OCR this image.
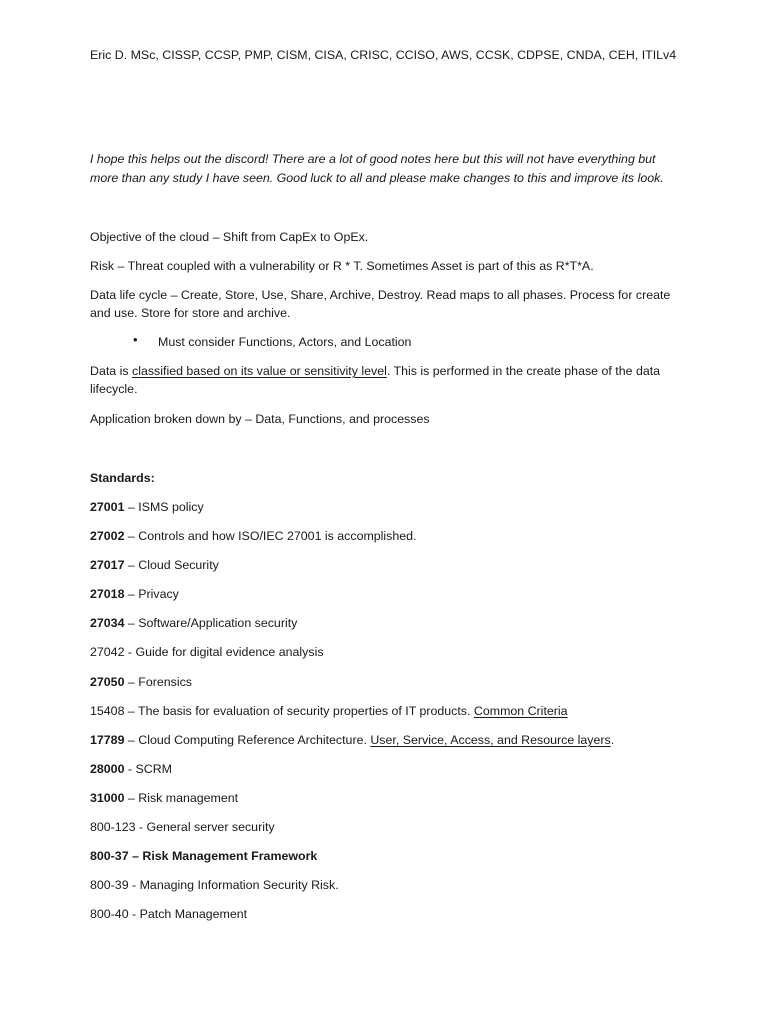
Eric D. MSc, CISSP, CCSP, PMP, CISM, CISA, CRISC, CCISO, AWS, CCSK, CDPSE, CNDA, CEH, ITILv4
I hope this helps out the discord! There are a lot of good notes here but this will not have everything but
more than any study I have seen. Good luck to all and please make changes to this and improve its look.
Objective of the cloud – Shift from CapEx to OpEx.
Risk – Threat coupled with a vulnerability or R * T. Sometimes Asset is part of this as R*T*A.
Data life cycle – Create, Store, Use, Share, Archive, Destroy. Read maps to all phases. Process for create
and use. Store for store and archive.
• Must consider Functions, Actors, and Location
Data is classified based on its value or sensitivity level. This is performed in the create phase of the data
lifecycle.
Application broken down by – Data, Functions, and processes
Standards:
27001 – ISMS policy
27002 – Controls and how ISO/IEC 27001 is accomplished.
27017 – Cloud Security
27018 – Privacy
27034 – Software/Application security
27042 - Guide for digital evidence analysis
27050 – Forensics
15408 – The basis for evaluation of security properties of IT products. Common Criteria
17789 – Cloud Computing Reference Architecture. User, Service, Access, and Resource layers.
28000 - SCRM
31000 – Risk management
800-123 - General server security
800-37 – Risk Management Framework
800-39 - Managing Information Security Risk.
800-40 - Patch Management
